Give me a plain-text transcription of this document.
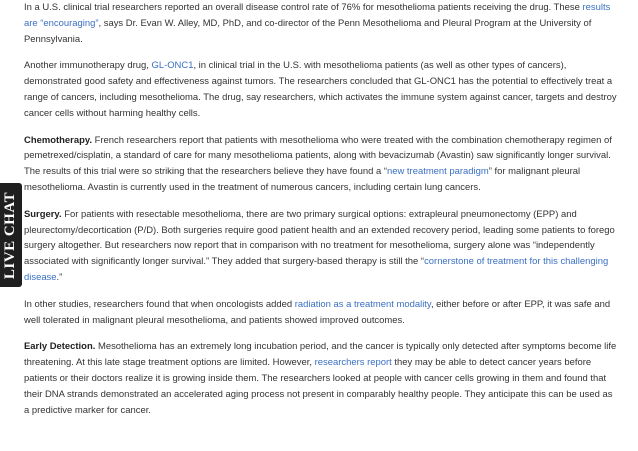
In a U.S. clinical trial researchers reported an overall disease control rate of 76% for mesothelioma patients receiving the drug. These results are “encouraging”, says Dr. Evan W. Alley, MD, PhD, and co-director of the Penn Mesothelioma and Pleural Program at the University of Pennsylvania.

Another immunotherapy drug, GL-ONC1, in clinical trial in the U.S. with mesothelioma patients (as well as other types of cancers), demonstrated good safety and effectiveness against tumors. The researchers concluded that GL-ONC1 has the potential to effectively treat a range of cancers, including mesothelioma. The drug, say researchers, which activates the immune system against cancer, targets and destroy cancer cells without harming healthy cells.

Chemotherapy. French researchers report that patients with mesothelioma who were treated with the combination chemotherapy regimen of pemetrexed/cisplatin, a standard of care for many mesothelioma patients, along with bevacizumab (Avastin) saw significantly longer survival. The results of this trial were so striking that the researchers believe they have found a “new treatment paradigm” for malignant pleural mesothelioma. Avastin is currently used in the treatment of numerous cancers, including certain lung cancers.

Surgery. For patients with resectable mesothelioma, there are two primary surgical options: extrapleural pneumonectomy (EPP) and pleurectomy/decortication (P/D). Both surgeries require good patient health and an extended recovery period, leading some patients to forego surgery altogether. But researchers now report that in comparison with no treatment for mesothelioma, surgery alone was “independently associated with significantly longer survival.” They added that surgery-based therapy is still the “cornerstone of treatment for this challenging disease.”

In other studies, researchers found that when oncologists added radiation as a treatment modality, either before or after EPP, it was safe and well tolerated in malignant pleural mesothelioma, and patients showed improved outcomes.

Early Detection. Mesothelioma has an extremely long incubation period, and the cancer is typically only detected after symptoms become life threatening. At this late stage treatment options are limited. However, researchers report they may be able to detect cancer years before patients or their doctors realize it is growing inside them. The researchers looked at people with cancer cells growing in them and found that their DNA strands demonstrated an accelerated aging process not present in comparably healthy people. They anticipate this can be used as a predictive marker for cancer.

LIVE CHAT
